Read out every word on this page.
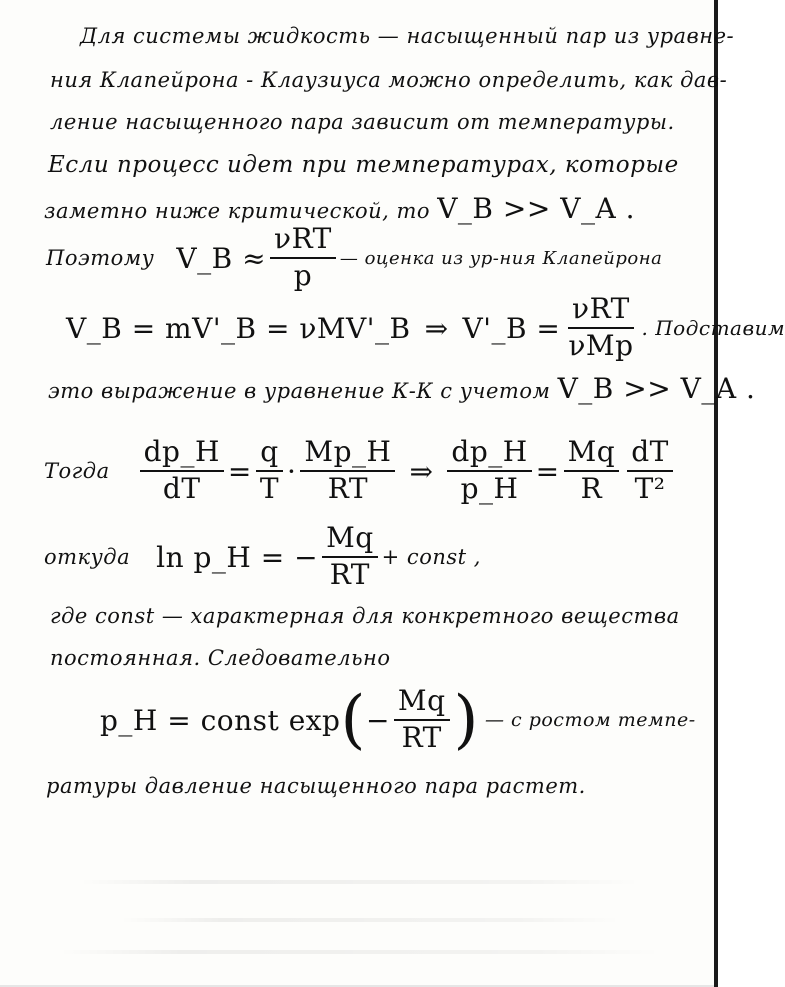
Для системы жидкость — насыщенный пар из уравне-
ния Клапейрона - Клаузиуса можно определить, как дав-
ление насыщенного пара зависит от температуры.
Если процесс идет при температурах, которые
заметно ниже критической, то V_B >> V_A .
Поэтому V_B ≈ $\frac{\text{νRT}}{p}$ — оценка из ур-ния Клапейрона
V_B = mV'_B = νMV'_B ⇒ V'_B = $\frac{\text{νRT}}{\text{νMp}}$ . Подставим
это выражение в уравнение К-К с учетом V_B >> V_A .
Тогда $\frac{dp\_H}{dT} = \frac{q}{T} \cdot \frac{Mp\_H}{RT}$ ⇒ $\frac{dp\_H}{p\_H} = \frac{Mq}{R} \frac{dT}{\text{T²}}$
откуда ln p_H = − $\frac{Mq}{RT}$ + const ,
где const — характерная для конкретного вещества
постоянная. Следовательно
p_H = const exp ( − $\frac{Mq}{RT}$ ) — с ростом темпе-
ратуры давление насыщенного пара растет.
